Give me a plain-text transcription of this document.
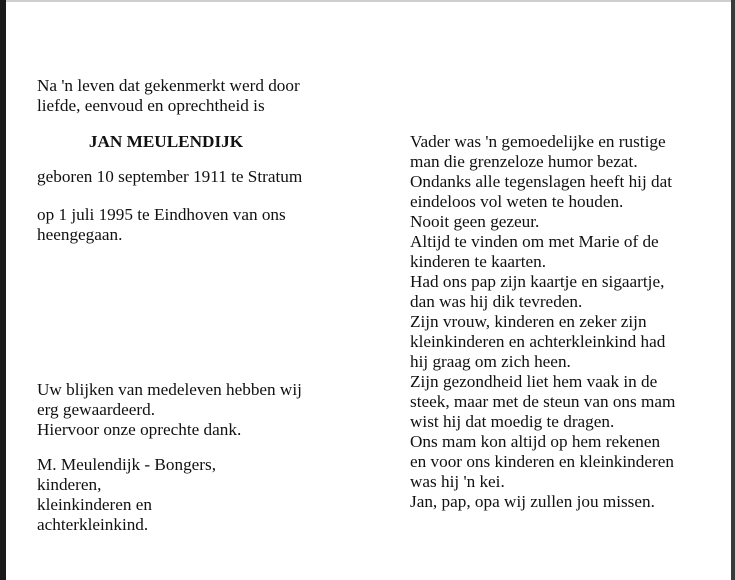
Na 'n leven dat gekenmerkt werd door
liefde, eenvoud en oprechtheid is
JAN MEULENDIJK
geboren 10 september 1911 te Stratum
op 1 juli 1995 te Eindhoven van ons
heengegaan.
Uw blijken van medeleven hebben wij
erg gewaardeerd.
Hiervoor onze oprechte dank.
M. Meulendijk - Bongers,
kinderen,
kleinkinderen en
achterkleinkind.
Vader was 'n gemoedelijke en rustige
man die grenzeloze humor bezat.
Ondanks alle tegenslagen heeft hij dat
eindeloos vol weten te houden.
Nooit geen gezeur.
Altijd te vinden om met Marie of de
kinderen te kaarten.
Had ons pap zijn kaartje en sigaartje,
dan was hij dik tevreden.
Zijn vrouw, kinderen en zeker zijn
kleinkinderen en achterkleinkind had
hij graag om zich heen.
Zijn gezondheid liet hem vaak in de
steek, maar met de steun van ons mam
wist hij dat moedig te dragen.
Ons mam kon altijd op hem rekenen
en voor ons kinderen en kleinkinderen
was hij 'n kei.
Jan, pap, opa wij zullen jou missen.
